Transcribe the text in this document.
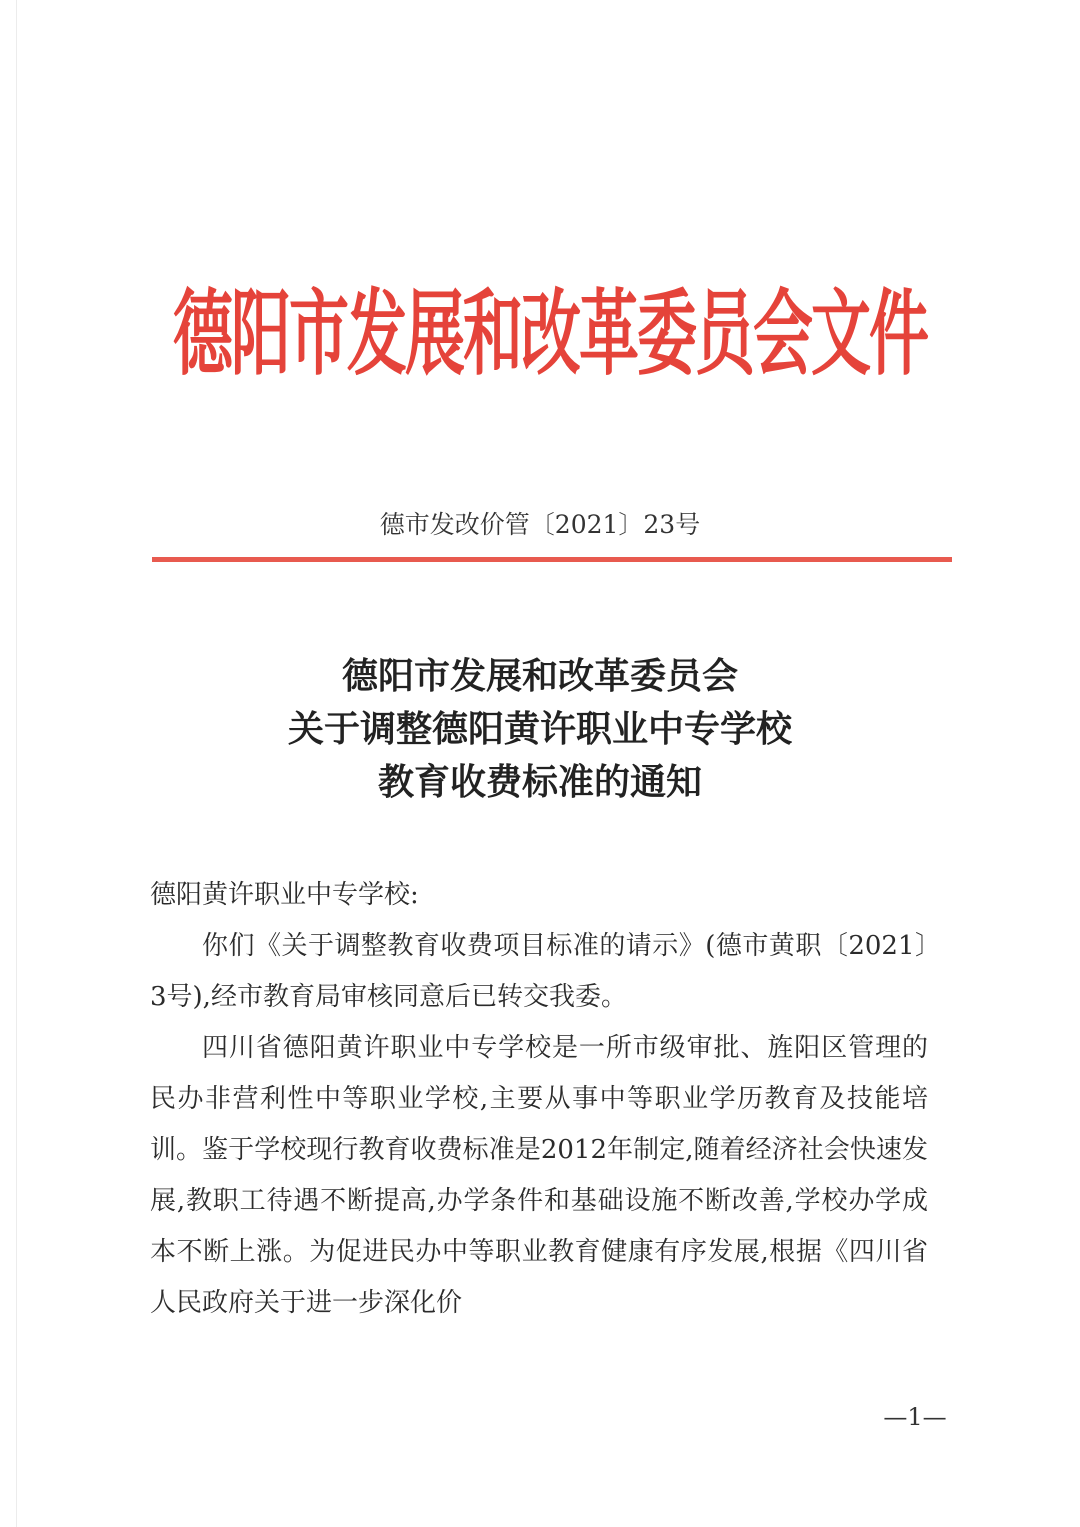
德阳市发展和改革委员会文件
德市发改价管〔2021〕23号
德阳市发展和改革委员会
关于调整德阳黄许职业中专学校
教育收费标准的通知

德阳黄许职业中专学校:

你们《关于调整教育收费项目标准的请示》(德市黄职〔2021〕3号),经市教育局审核同意后已转交我委。

四川省德阳黄许职业中专学校是一所市级审批、旌阳区管理的民办非营利性中等职业学校,主要从事中等职业学历教育及技能培训。鉴于学校现行教育收费标准是2012年制定,随着经济社会快速发展,教职工待遇不断提高,办学条件和基础设施不断改善,学校办学成本不断上涨。为促进民办中等职业教育健康有序发展,根据《四川省人民政府关于进一步深化价

—1—
